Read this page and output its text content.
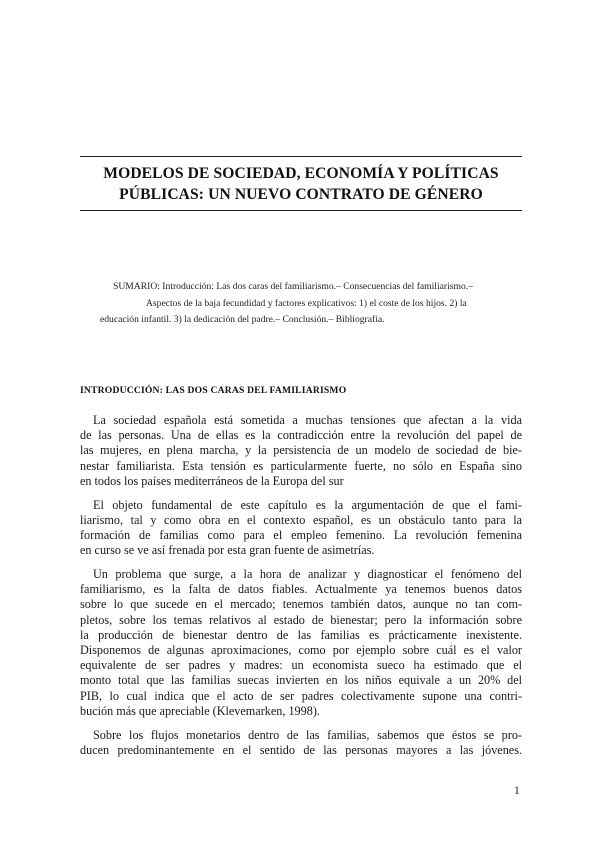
MODELOS DE SOCIEDAD, ECONOMÍA Y POLÍTICAS
PÚBLICAS: UN NUEVO CONTRATO DE GÉNERO
SUMARIO: Introducción: Las dos caras del familiarismo.– Consecuencias del familiarismo.–
Aspectos de la baja fecundidad y factores explicativos: 1) el coste de los hijos. 2) la
educación infantil. 3) la dedicación del padre.– Conclusión.– Bibliografía.
INTRODUCCIÓN: LAS DOS CARAS DEL FAMILIARISMO
La sociedad española está sometida a muchas tensiones que afectan a la vida
de las personas. Una de ellas es la contradicción entre la revolución del papel de
las mujeres, en plena marcha, y la persistencia de un modelo de sociedad de bie-
nestar familiarista. Esta tensión es particularmente fuerte, no sólo en España sino
en todos los países mediterráneos de la Europa del sur
El objeto fundamental de este capítulo es la argumentación de que el fami-
liarismo, tal y como obra en el contexto español, es un obstáculo tanto para la
formación de familias como para el empleo femenino. La revolución femenina
en curso se ve así frenada por esta gran fuente de asimetrías.
Un problema que surge, a la hora de analizar y diagnosticar el fenómeno del
familiarismo, es la falta de datos fiables. Actualmente ya tenemos buenos datos
sobre lo que sucede en el mercado; tenemos también datos, aunque no tan com-
pletos, sobre los temas relativos al estado de bienestar; pero la información sobre
la producción de bienestar dentro de las familias es prácticamente inexistente.
Disponemos de algunas aproximaciones, como por ejemplo sobre cuál es el valor
equivalente de ser padres y madres: un economista sueco ha estimado que el
monto total que las familias suecas invierten en los niños equivale a un 20% del
PIB, lo cual indica que el acto de ser padres colectivamente supone una contri-
bución más que apreciable (Klevemarken, 1998).
Sobre los flujos monetarios dentro de las familias, sabemos que éstos se pro-
ducen predominantemente en el sentido de las personas mayores a las jóvenes.
1
